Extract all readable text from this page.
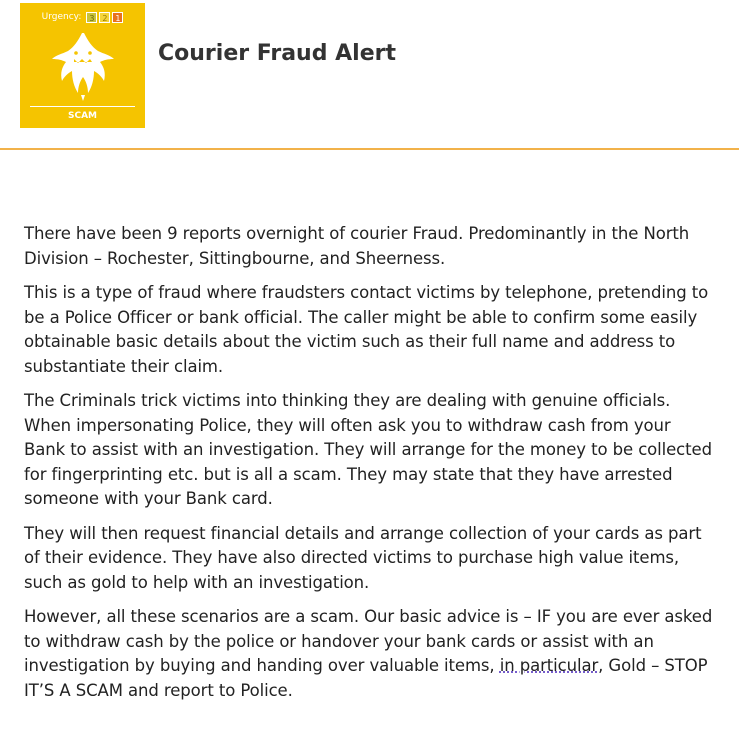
Urgency: 3 2 1
SCAM
Courier Fraud Alert

There have been 9 reports overnight of courier Fraud. Predominantly in the North Division – Rochester, Sittingbourne, and Sheerness.

This is a type of fraud where fraudsters contact victims by telephone, pretending to be a Police Officer or bank official. The caller might be able to confirm some easily obtainable basic details about the victim such as their full name and address to substantiate their claim.

The Criminals trick victims into thinking they are dealing with genuine officials. When impersonating Police, they will often ask you to withdraw cash from your Bank to assist with an investigation. They will arrange for the money to be collected for fingerprinting etc. but is all a scam. They may state that they have arrested someone with your Bank card.

They will then request financial details and arrange collection of your cards as part of their evidence. They have also directed victims to purchase high value items, such as gold to help with an investigation.

However, all these scenarios are a scam. Our basic advice is – IF you are ever asked to withdraw cash by the police or handover your bank cards or assist with an investigation by buying and handing over valuable items, in particular, Gold – STOP IT’S A SCAM and report to Police.
